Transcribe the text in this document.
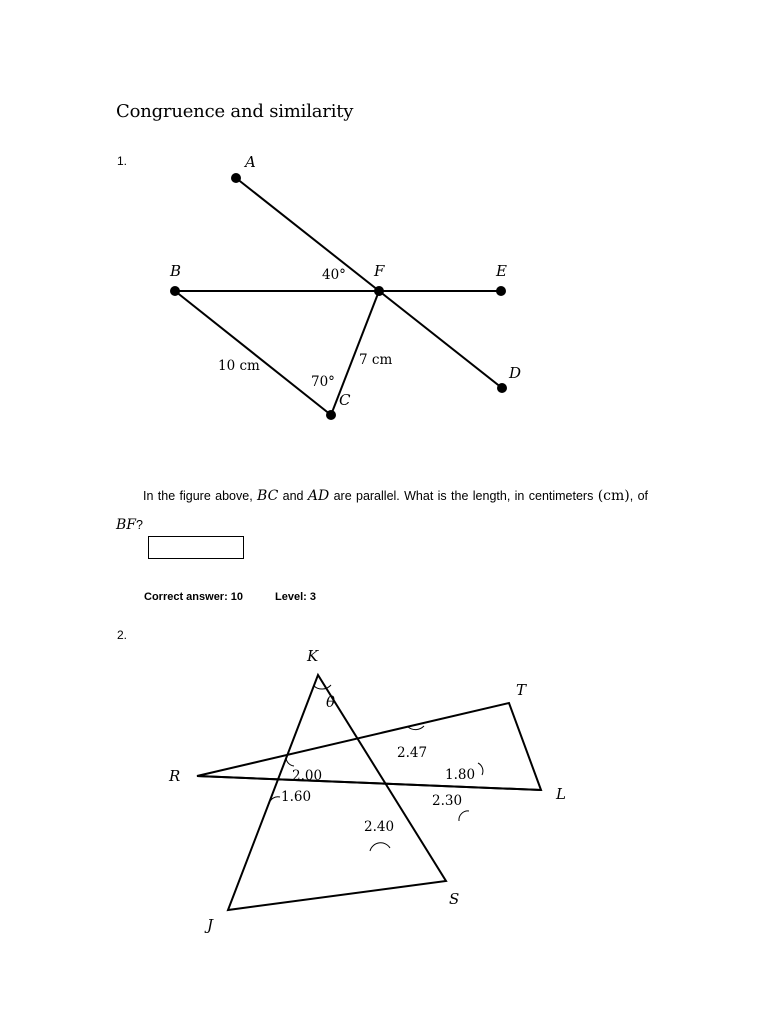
Congruence and similarity
1.	A
B	F	E
D
C
40°
70°
10 cm	7 cm
K
T
R
L
J
S
θ
2.47
2.00	1.80
1.60	2.30
2.40
In the figure above, BC and AD are parallel. What is the length, in centimeters (cm), of BF?
Correct answer: 10	Level: 3
2.
